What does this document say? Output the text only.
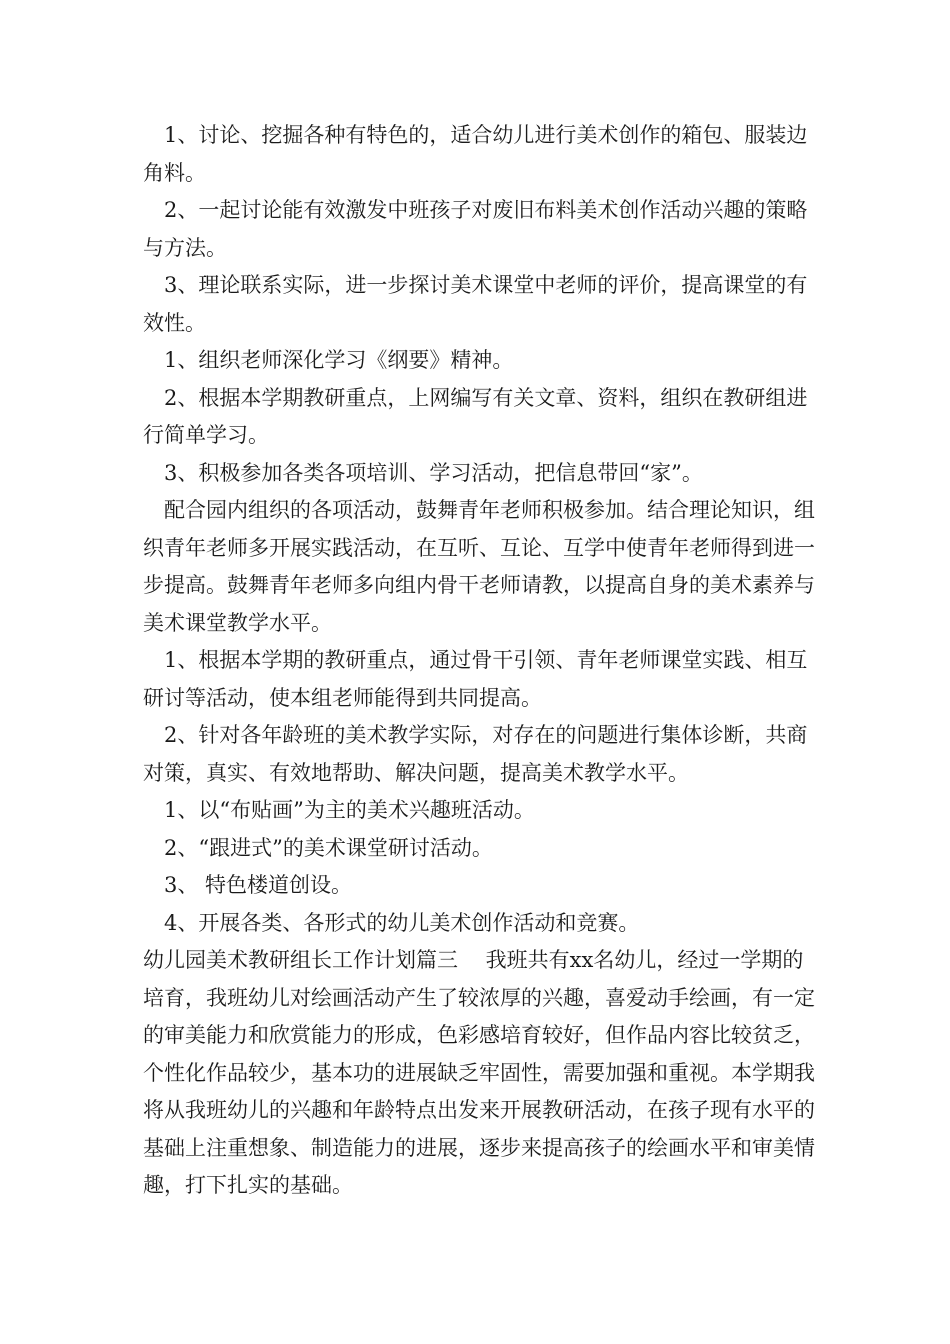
1、讨论、挖掘各种有特色的，适合幼儿进行美术创作的箱包、服装边角料。

2、一起讨论能有效激发中班孩子对废旧布料美术创作活动兴趣的策略与方法。

3、理论联系实际，进一步探讨美术课堂中老师的评价，提高课堂的有效性。

1、组织老师深化学习《纲要》精神。

2、根据本学期教研重点，上网编写有关文章、资料，组织在教研组进行简单学习。

3、积极参加各类各项培训、学习活动，把信息带回“家”。

配合园内组织的各项活动，鼓舞青年老师积极参加。结合理论知识，组织青年老师多开展实践活动，在互听、互论、互学中使青年老师得到进一步提高。鼓舞青年老师多向组内骨干老师请教，以提高自身的美术素养与美术课堂教学水平。

1、根据本学期的教研重点，通过骨干引领、青年老师课堂实践、相互研讨等活动，使本组老师能得到共同提高。

2、针对各年龄班的美术教学实际，对存在的问题进行集体诊断，共商对策，真实、有效地帮助、解决问题，提高美术教学水平。

1、以“布贴画”为主的美术兴趣班活动。

2、“跟进式”的美术课堂研讨活动。

3、 特色楼道创设。

4、开展各类、各形式的幼儿美术创作活动和竞赛。

幼儿园美术教研组长工作计划篇三　 我班共有xx名幼儿，经过一学期的培育，我班幼儿对绘画活动产生了较浓厚的兴趣，喜爱动手绘画，有一定的审美能力和欣赏能力的形成，色彩感培育较好，但作品内容比较贫乏，个性化作品较少，基本功的进展缺乏牢固性，需要加强和重视。本学期我将从我班幼儿的兴趣和年龄特点出发来开展教研活动，在孩子现有水平的基础上注重想象、制造能力的进展，逐步来提高孩子的绘画水平和审美情趣，打下扎实的基础。
